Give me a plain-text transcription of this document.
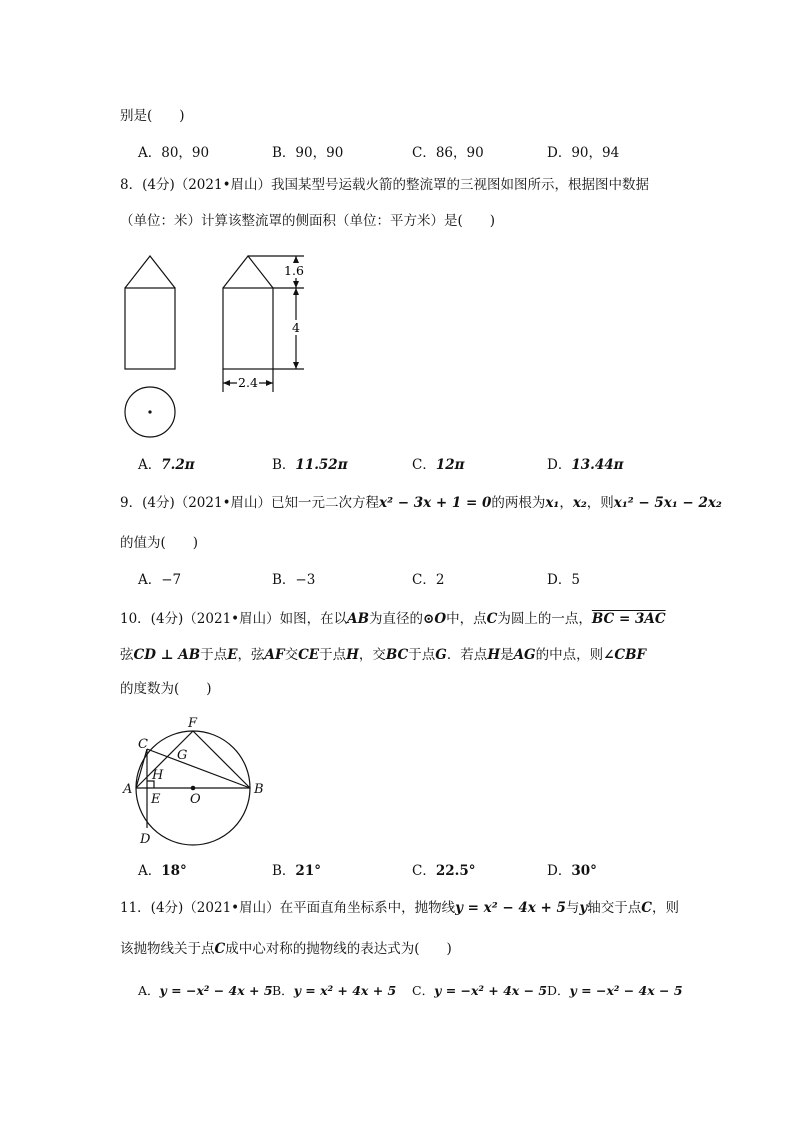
别是(　　)
A．80，90	B．90，90	C．86，90	D．90，94
8．(4分)（2021•眉山）我国某型号运载火箭的整流罩的三视图如图所示，根据图中数据
（单位：米）计算该整流罩的侧面积（单位：平方米）是(　　)
1.6
4
2.4
A．7.2π	B．11.52π	C．12π	D．13.44π
9．(4分)（2021•眉山）已知一元二次方程x² − 3x + 1 = 0的两根为x₁，x₂，则x₁² − 5x₁ − 2x₂
的值为(　　)
A．−7	B．−3	C．2	D．5
10．(4分)（2021•眉山）如图，在以AB为直径的⊙O中，点C为圆上的一点，BC = 3AC
弦CD ⊥ AB于点E，弦AF交CE于点H，交BC于点G．若点H是AG的中点，则∠CBF
的度数为(　　)
A	B
C
D
E
F
G
H
O
A．18°	B．21°	C．22.5°	D．30°
11．(4分)（2021•眉山）在平面直角坐标系中，抛物线y = x² − 4x + 5与y轴交于点C，则
该抛物线关于点C成中心对称的抛物线的表达式为(　　)
A．y = −x² − 4x + 5 B．y = x² + 4x + 5 C．y = −x² + 4x − 5 D．y = −x² − 4x − 5
